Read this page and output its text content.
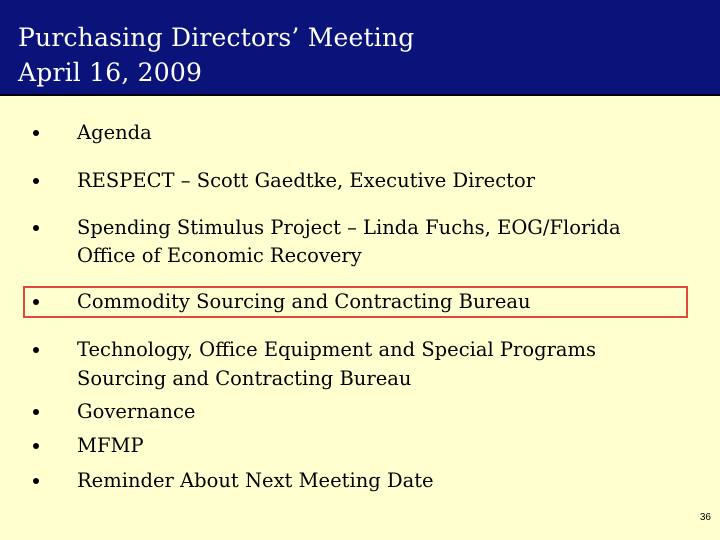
Purchasing Directors’ Meeting
April 16, 2009
Agenda
RESPECT – Scott Gaedtke, Executive Director
Spending Stimulus Project – Linda Fuchs, EOG/Florida
Office of Economic Recovery
Commodity Sourcing and Contracting Bureau
Technology, Office Equipment and Special Programs
Sourcing and Contracting Bureau
Governance
MFMP
Reminder About Next Meeting Date
36
